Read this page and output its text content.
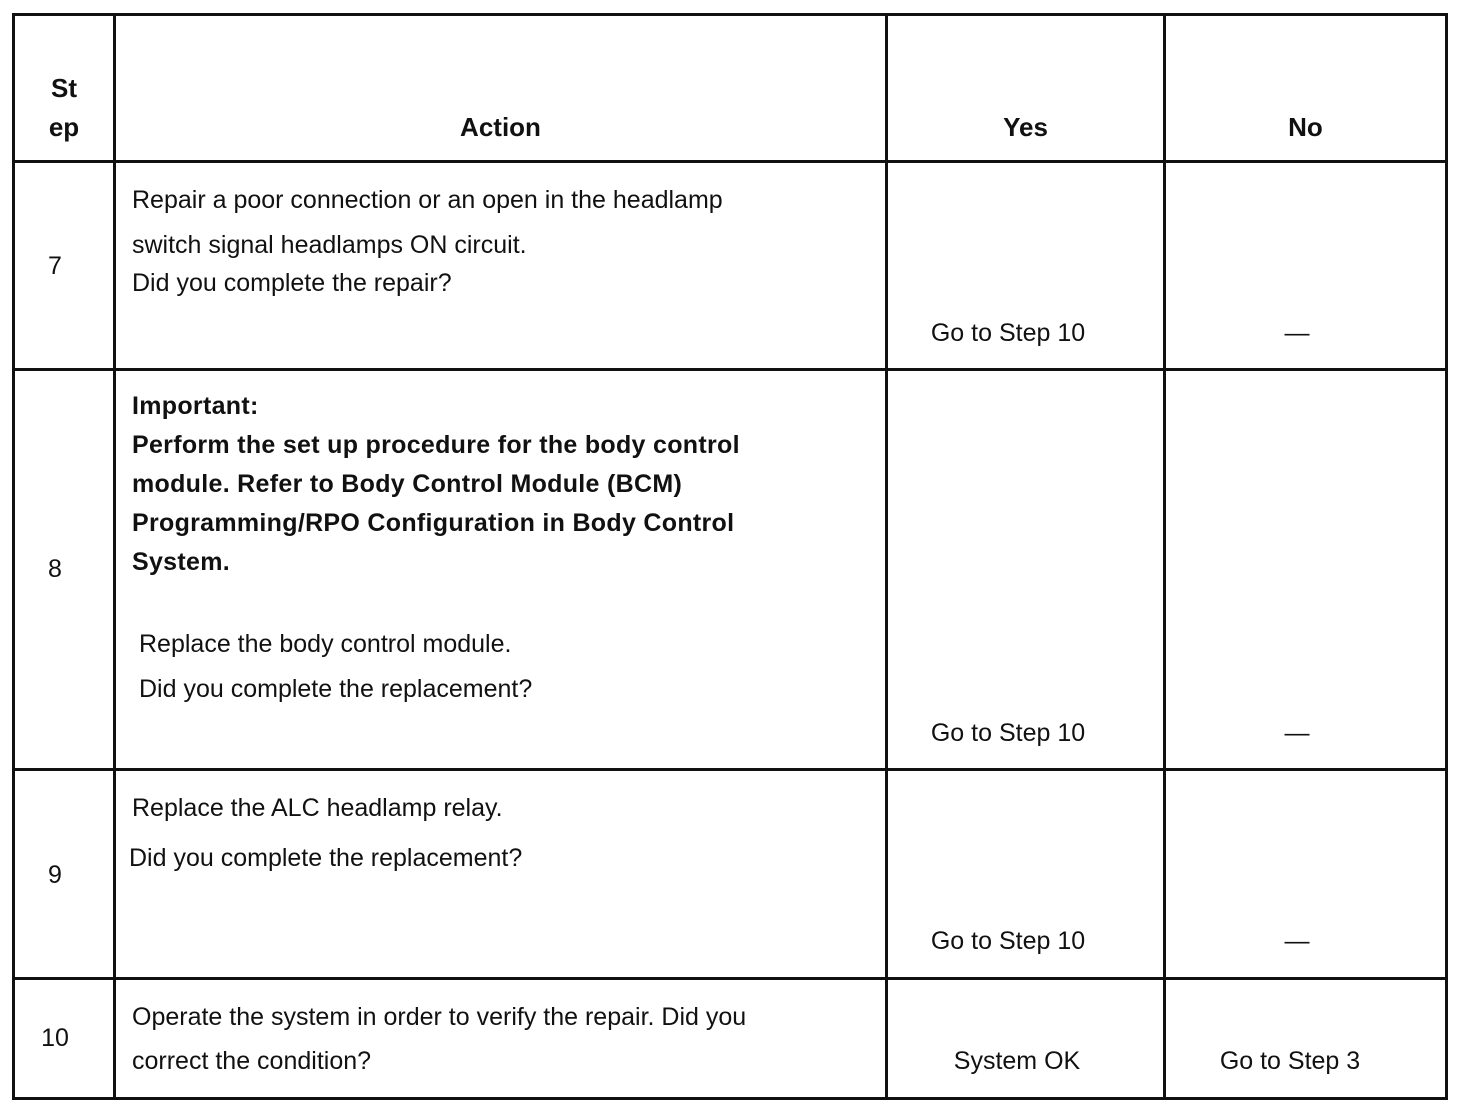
St
ep	Action	Yes	No
7
Repair a poor connection or an open in the headlamp
switch signal headlamps ON circuit.
Did you complete the repair?
Go to Step 10	—
8
Important:
Perform the set up procedure for the body control
module. Refer to Body Control Module (BCM)
Programming/RPO Configuration in Body Control
System.
Replace the body control module.
Did you complete the replacement?
Go to Step 10	—
9
Replace the ALC headlamp relay.
Did you complete the replacement?
Go to Step 10	—
10
Operate the system in order to verify the repair. Did you
correct the condition?	System OK	Go to Step 3
